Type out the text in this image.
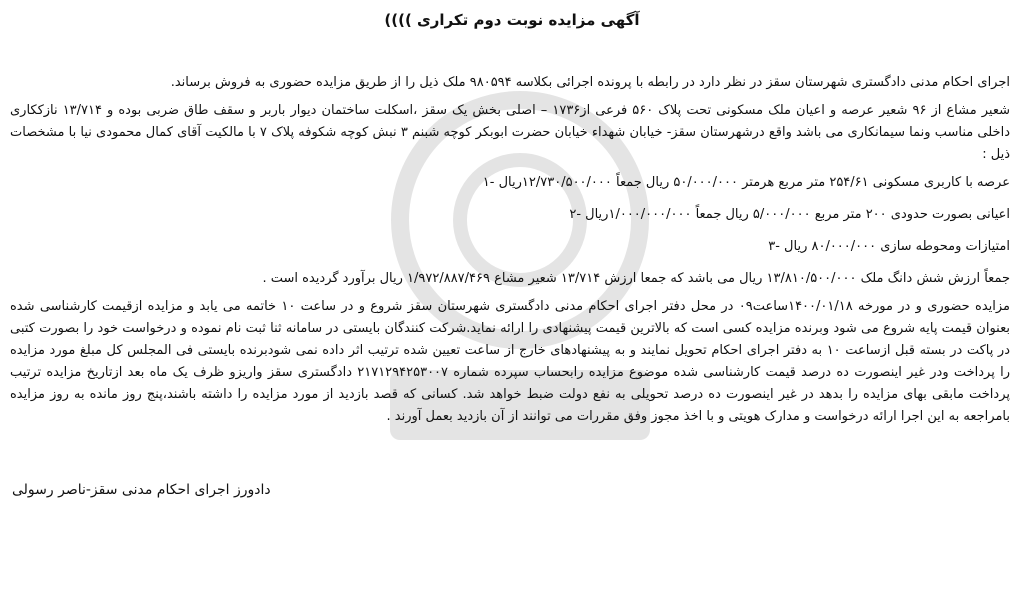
آگهی مزایده نوبت دوم تکراری ))))

اجرای احکام مدنی دادگستری شهرستان سقز در نظر دارد در رابطه با پرونده اجرائی بکلاسه ۹۸۰۵۹۴ ملک ذیل را از طریق مزایده حضوری به فروش برساند.

شعیر مشاع از ۹۶ شعیر عرصه و اعیان ملک مسکونی تحت پلاک ۵۶۰ فرعی از۱۷۳۶ – اصلی بخش یک سقز ،اسکلت ساختمان دیوار باربر و سقف طاق ضربی بوده و ۱۳/۷۱۴ نازککاری داخلی مناسب ونما سیمانکاری می باشد واقع درشهرستان سقز- خیابان شهداء خیابان حضرت ابوبکر کوچه شبنم ۳ نبش کوچه شکوفه پلاک ۷ با مالکیت آقای کمال محمودی نیا با مشخصات ذیل :

عرصه با کاربری مسکونی ۲۵۴/۶۱ متر مربع هرمتر ۵۰/۰۰۰/۰۰۰ ریال جمعاً ۱۲/۷۳۰/۵۰۰/۰۰۰ریال -۱
اعیانی بصورت حدودی ۲۰۰ متر مربع ۵/۰۰۰/۰۰۰ ریال جمعاً ۱/۰۰۰/۰۰۰/۰۰۰ریال -۲
امتیازات ومحوطه سازی ۸۰/۰۰۰/۰۰۰ ریال -۳

جمعاً ارزش شش دانگ ملک ۱۳/۸۱۰/۵۰۰/۰۰۰ ریال می باشد که جمعا ارزش ۱۳/۷۱۴ شعیر مشاع ۱/۹۷۲/۸۸۷/۴۶۹ ریال برآورد گردیده است .

مزایده حضوری و در مورخه ۱۴۰۰/۰۱/۱۸ساعت۰۹ در محل دفتر اجرای احکام مدنی دادگستری شهرستان سقز شروع و در ساعت ۱۰ خاتمه می یابد و مزایده ازقیمت کارشناسی شده بعنوان قیمت پایه شروع می شود وبرنده مزایده کسی است که بالاترین قیمت پیشنهادی را ارائه نماید.شرکت کنندگان بایستی در سامانه ثنا ثبت نام نموده و درخواست خود را بصورت کتبی در پاکت در بسته قبل ازساعت ۱۰ به دفتر اجرای احکام تحویل نمایند و به پیشنهادهای خارج از ساعت تعیین شده ترتیب اثر داده نمی شودبرنده بایستی فی المجلس کل مبلغ مورد مزایده را پرداخت ودر غیر اینصورت ده درصد قیمت کارشناسی شده موضوع مزایده رابحساب سپرده شماره ۲۱۷۱۲۹۴۲۵۳۰۰۷ دادگستری سقز واریزو ظرف یک ماه بعد ازتاریخ مزایده ترتیب پرداخت مابقی بهای مزایده را بدهد در غیر اینصورت ده درصد تحویلی به نفع دولت ضبط خواهد شد. کسانی که قصد بازدید از مورد مزایده را داشته باشند،پنج روز مانده به روز مزایده بامراجعه به این اجرا ارائه درخواست و مدارک هویتی و با اخذ مجوز وفق مقررات می توانند از آن بازدید بعمل آورند .

دادورز اجرای احکام مدنی سقز-ناصر رسولی
